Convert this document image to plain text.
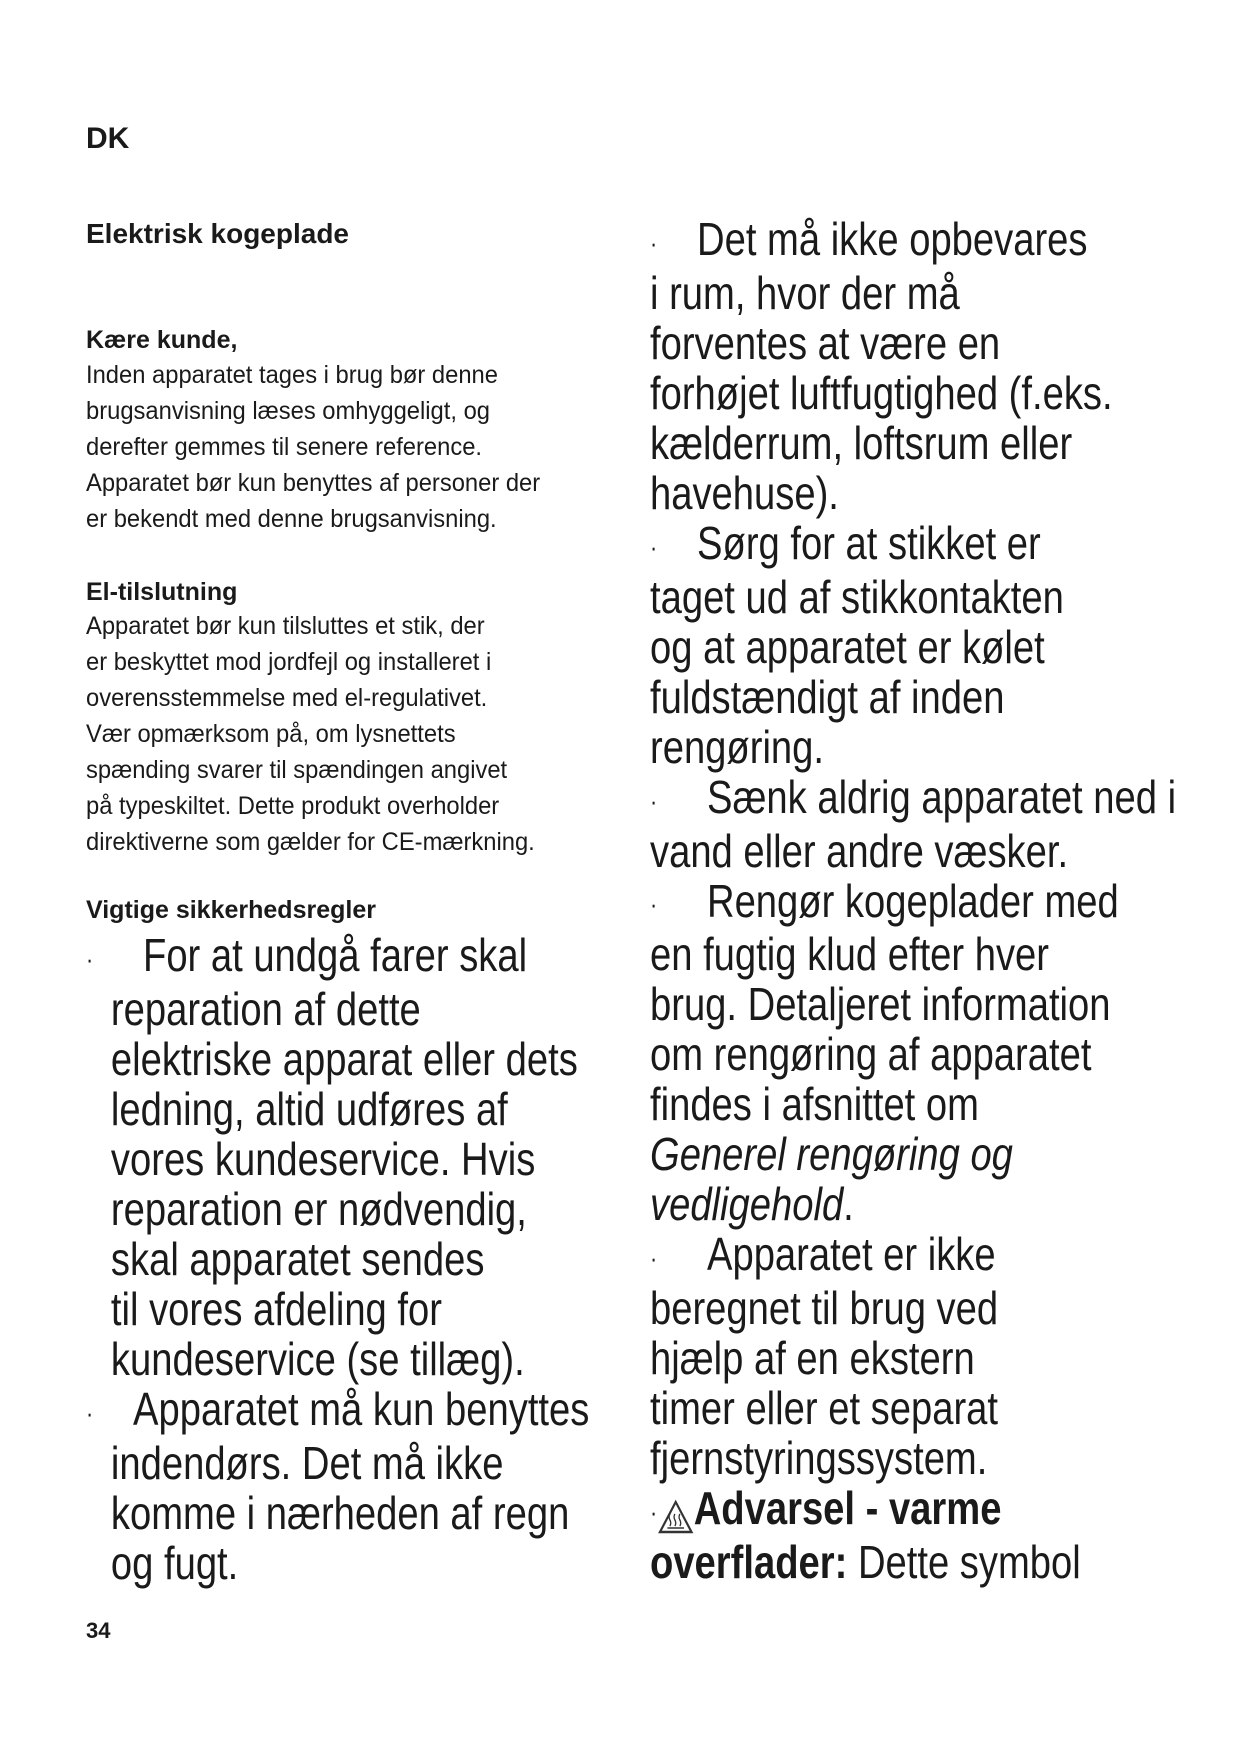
DK
Elektrisk kogeplade
Kære kunde,
Inden apparatet tages i brug bør denne
brugsanvisning læses omhyggeligt, og
derefter gemmes til senere reference.
Apparatet bør kun benyttes af personer der
er bekendt med denne brugsanvisning.
El-tilslutning
Apparatet bør kun tilsluttes et stik, der
er beskyttet mod jordfejl og installeret i
overensstemmelse med el-regulativet.
Vær opmærksom på, om lysnettets
spænding svarer til spændingen angivet
på typeskiltet. Dette produkt overholder
direktiverne som gælder for CE-mærkning.
Vigtige sikkerhedsregler
· For at undgå farer skal
reparation af dette
elektriske apparat eller dets
ledning, altid udføres af
vores kundeservice. Hvis
reparation er nødvendig,
skal apparatet sendes
til vores afdeling for
kundeservice (se tillæg).
· Apparatet må kun benyttes
indendørs. Det må ikke
komme i nærheden af regn
og fugt.
· Det må ikke opbevares
i rum, hvor der må
forventes at være en
forhøjet luftfugtighed (f.eks.
kælderrum, loftsrum eller
havehuse).
· Sørg for at stikket er
taget ud af stikkontakten
og at apparatet er kølet
fuldstændigt af inden
rengøring.
· Sænk aldrig apparatet ned i
vand eller andre væsker.
· Rengør kogeplader med
en fugtig klud efter hver
brug. Detaljeret information
om rengøring af apparatet
findes i afsnittet om
Generel rengøring og
vedligehold.
· Apparatet er ikke
beregnet til brug ved
hjælp af en ekstern
timer eller et separat
fjernstyringssystem.
· Advarsel - varme
overflader: Dette symbol
34
